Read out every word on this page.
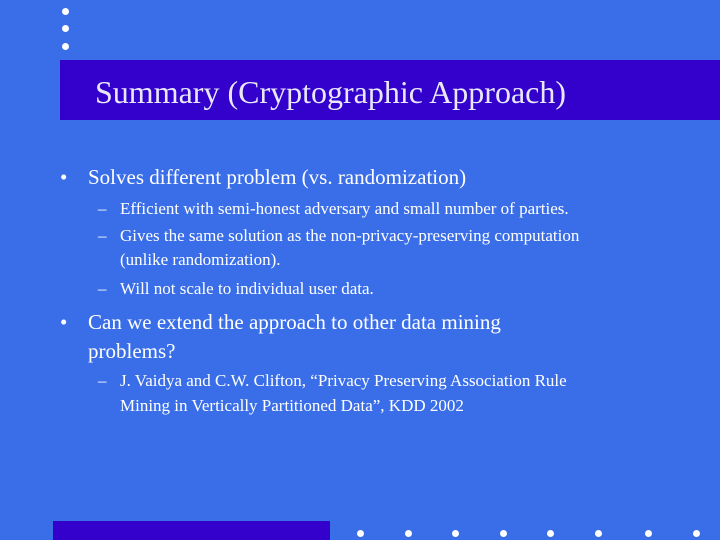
Summary (Cryptographic Approach)
• Solves different problem (vs. randomization)
– Efficient with semi-honest adversary and small number of parties.
– Gives the same solution as the non-privacy-preserving computation
(unlike randomization).
– Will not scale to individual user data.
• Can we extend the approach to other data mining
problems?
– J. Vaidya and C.W. Clifton, “Privacy Preserving Association Rule
Mining in Vertically Partitioned Data”, KDD 2002
